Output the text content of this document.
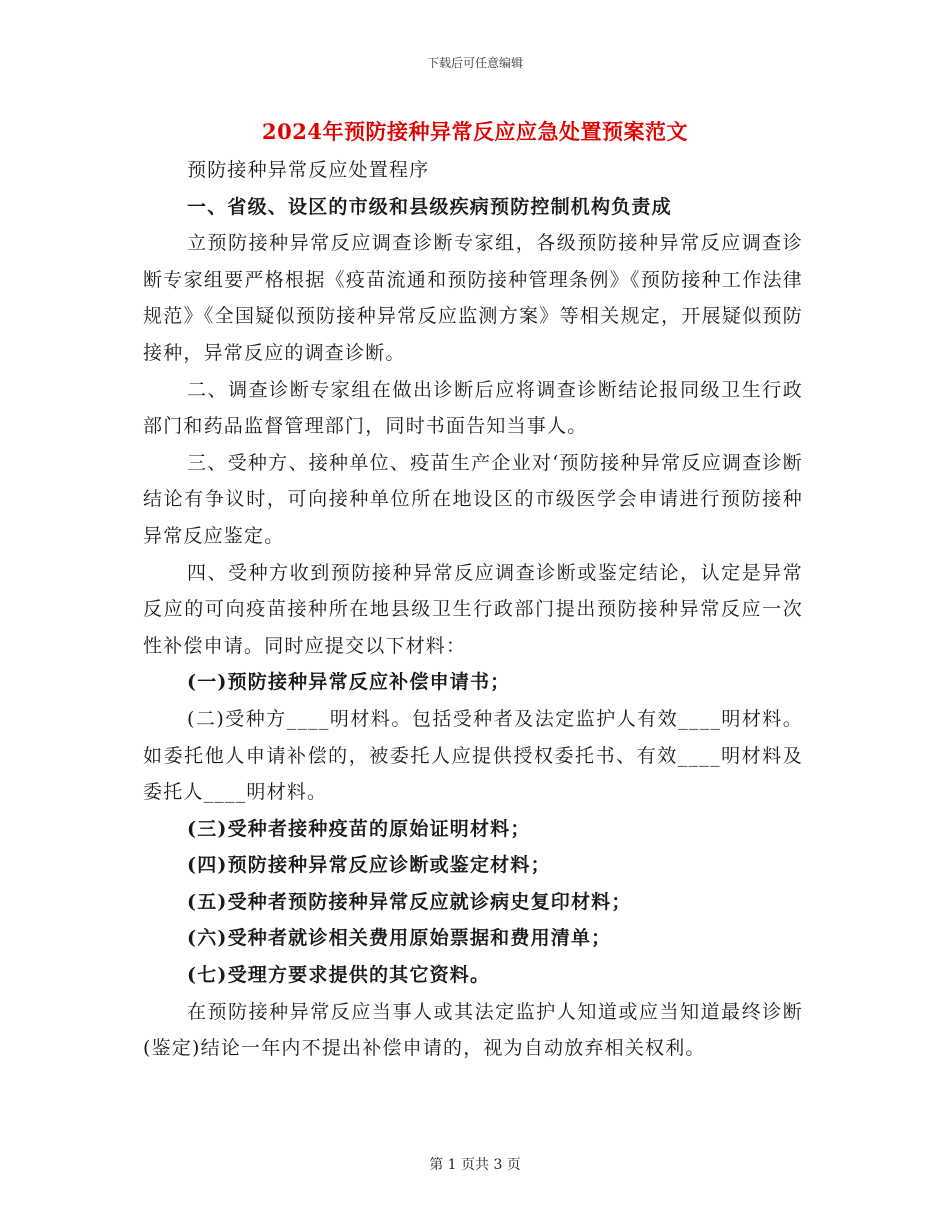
下载后可任意编辑
2024年预防接种异常反应应急处置预案范文

预防接种异常反应处置程序

一、省级、设区的市级和县级疾病预防控制机构负责成

立预防接种异常反应调查诊断专家组，各级预防接种异常反应调查诊断专家组要严格根据《疫苗流通和预防接种管理条例》《预防接种工作法律规范》《全国疑似预防接种异常反应监测方案》等相关规定，开展疑似预防接种，异常反应的调查诊断。

二、调查诊断专家组在做出诊断后应将调查诊断结论报同级卫生行政部门和药品监督管理部门，同时书面告知当事人。

三、受种方、接种单位、疫苗生产企业对‘预防接种异常反应调查诊断结论有争议时，可向接种单位所在地设区的市级医学会申请进行预防接种异常反应鉴定。

四、受种方收到预防接种异常反应调查诊断或鉴定结论，认定是异常反应的可向疫苗接种所在地县级卫生行政部门提出预防接种异常反应一次性补偿申请。同时应提交以下材料：

(一)预防接种异常反应补偿申请书；

(二)受种方____明材料。包括受种者及法定监护人有效____明材料。如委托他人申请补偿的，被委托人应提供授权委托书、有效____明材料及委托人____明材料。

(三)受种者接种疫苗的原始证明材料；

(四)预防接种异常反应诊断或鉴定材料；

(五)受种者预防接种异常反应就诊病史复印材料；

(六)受种者就诊相关费用原始票据和费用清单；

(七)受理方要求提供的其它资料。

在预防接种异常反应当事人或其法定监护人知道或应当知道最终诊断(鉴定)结论一年内不提出补偿申请的，视为自动放弃相关权利。

第 1 页共 3 页
